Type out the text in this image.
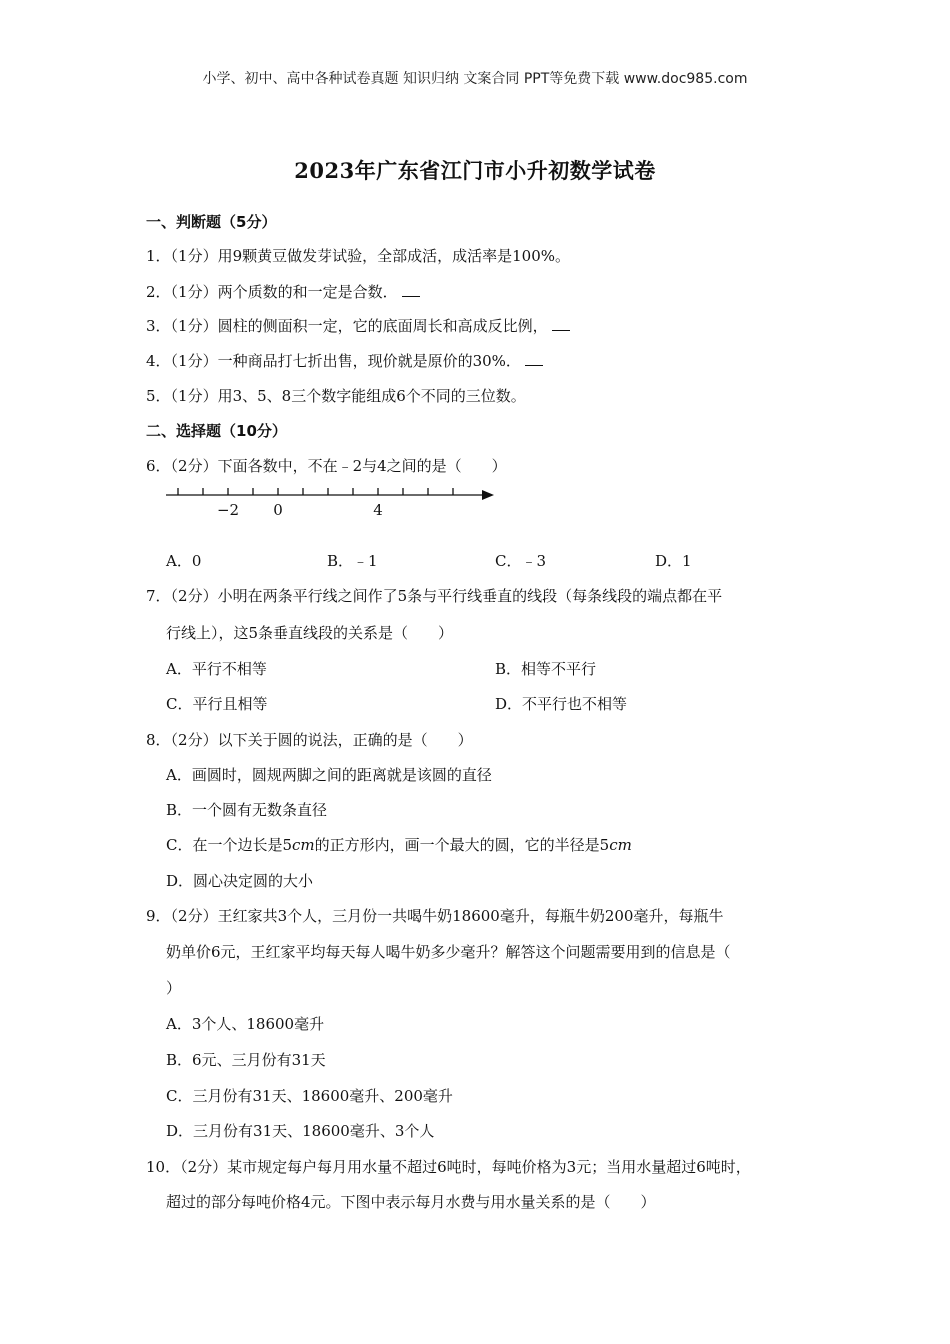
小学、初中、高中各种试卷真题 知识归纳 文案合同 PPT等免费下载 www.doc985.com
2023年广东省江门市小升初数学试卷
一、判断题（5分）
1．（1分）用9颗黄豆做发芽试验，全部成活，成活率是100%。
2．（1分）两个质数的和一定是合数．
3．（1分）圆柱的侧面积一定，它的底面周长和高成反比例，
4．（1分）一种商品打七折出售，现价就是原价的30%．
5．（1分）用3、5、8三个数字能组成6个不同的三位数。
二、选择题（10分）
6．（2分）下面各数中，不在﹣2与4之间的是（　　）
−2 0	4
A．0	B．﹣1	C．﹣3	D．1
7．（2分）小明在两条平行线之间作了5条与平行线垂直的线段（每条线段的端点都在平
行线上），这5条垂直线段的关系是（　　）
A．平行不相等	B．相等不平行
C．平行且相等	D．不平行也不相等
8．（2分）以下关于圆的说法，正确的是（　　）
A．画圆时，圆规两脚之间的距离就是该圆的直径
B．一个圆有无数条直径
C．在一个边长是5cm的正方形内，画一个最大的圆，它的半径是5cm
D．圆心决定圆的大小
9．（2分）王红家共3个人，三月份一共喝牛奶18600毫升，每瓶牛奶200毫升，每瓶牛
奶单价6元，王红家平均每天每人喝牛奶多少毫升？解答这个问题需要用到的信息是（
）
A．3个人、18600毫升
B．6元、三月份有31天
C．三月份有31天、18600毫升、200毫升
D．三月份有31天、18600毫升、3个人
10．（2分）某市规定每户每月用水量不超过6吨时，每吨价格为3元；当用水量超过6吨时，
超过的部分每吨价格4元。下图中表示每月水费与用水量关系的是（　　）
